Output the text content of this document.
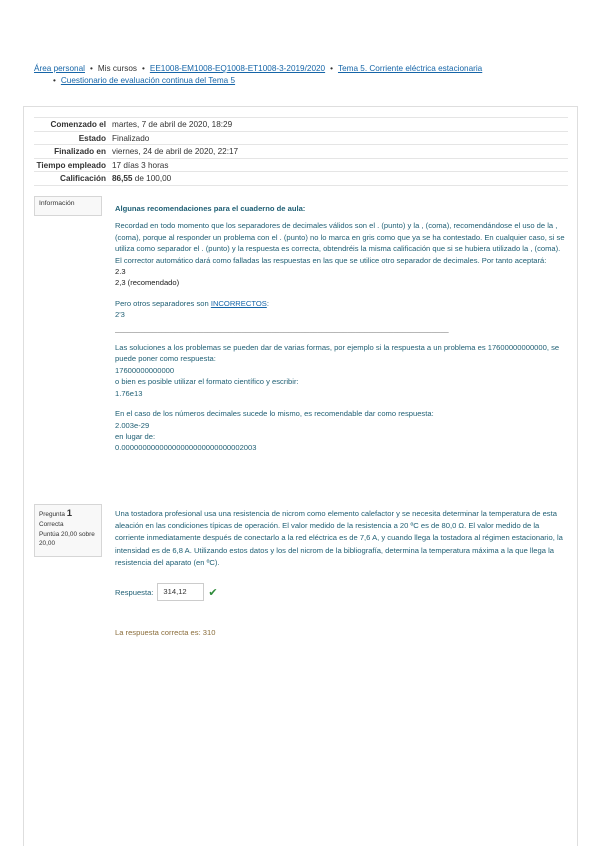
Área personal • Mis cursos • EE1008-EM1008-EQ1008-ET1008-3-2019/2020 • Tema 5. Corriente eléctrica estacionaria
• Cuestionario de evaluación continua del Tema 5
Comenzado el martes, 7 de abril de 2020, 18:29
Estado Finalizado
Finalizado en viernes, 24 de abril de 2020, 22:17
Tiempo empleado 17 días 3 horas
Calificación 86,55 de 100,00
Información
Algunas recomendaciones para el cuaderno de aula:

Recordad en todo momento que los separadores de decimales válidos son el . (punto) y la , (coma), recomendándose el uso de la , (coma), porque al responder un problema con el . (punto) no lo marca en gris como que ya se ha contestado. En cualquier caso, si se utiliza como separador el . (punto) y la respuesta es correcta, obtendréis la misma calificación que si se hubiera utilizado la , (coma). El corrector automático dará como falladas las respuestas en las que se utilice otro separador de decimales. Por tanto aceptará:

2.3

2,3 (recomendado)

Pero otros separadores son INCORRECTOS:

2'3

_______________________________________________________________________________

Las soluciones a los problemas se pueden dar de varias formas, por ejemplo si la respuesta a un problema es 17600000000000, se puede poner como respuesta:

17600000000000

o bien es posible utilizar el formato científico y escribir:

1.76e13

En el caso de los números decimales sucede lo mismo, es recomendable dar como respuesta:

2.003e-29

en lugar de:

0.00000000000000000000000000002003

Pregunta 1
Correcta
Puntúa 20,00 sobre 20,00
Una tostadora profesional usa una resistencia de nicrom como elemento calefactor y se necesita determinar la temperatura de esta aleación en las condiciones típicas de operación. El valor medido de la resistencia a 20 ºC es de 80,0 Ω. El valor medido de la corriente inmediatamente después de conectarlo a la red eléctrica es de 7,6 A, y cuando llega la tostadora al régimen estacionario, la intensidad es de 6,8 A. Utilizando estos datos y los del nicrom de la bibliografía, determina la temperatura máxima a la que llega la resistencia del aparato (en ºC).
Respuesta:	314,12	✔
La respuesta correcta es: 310
